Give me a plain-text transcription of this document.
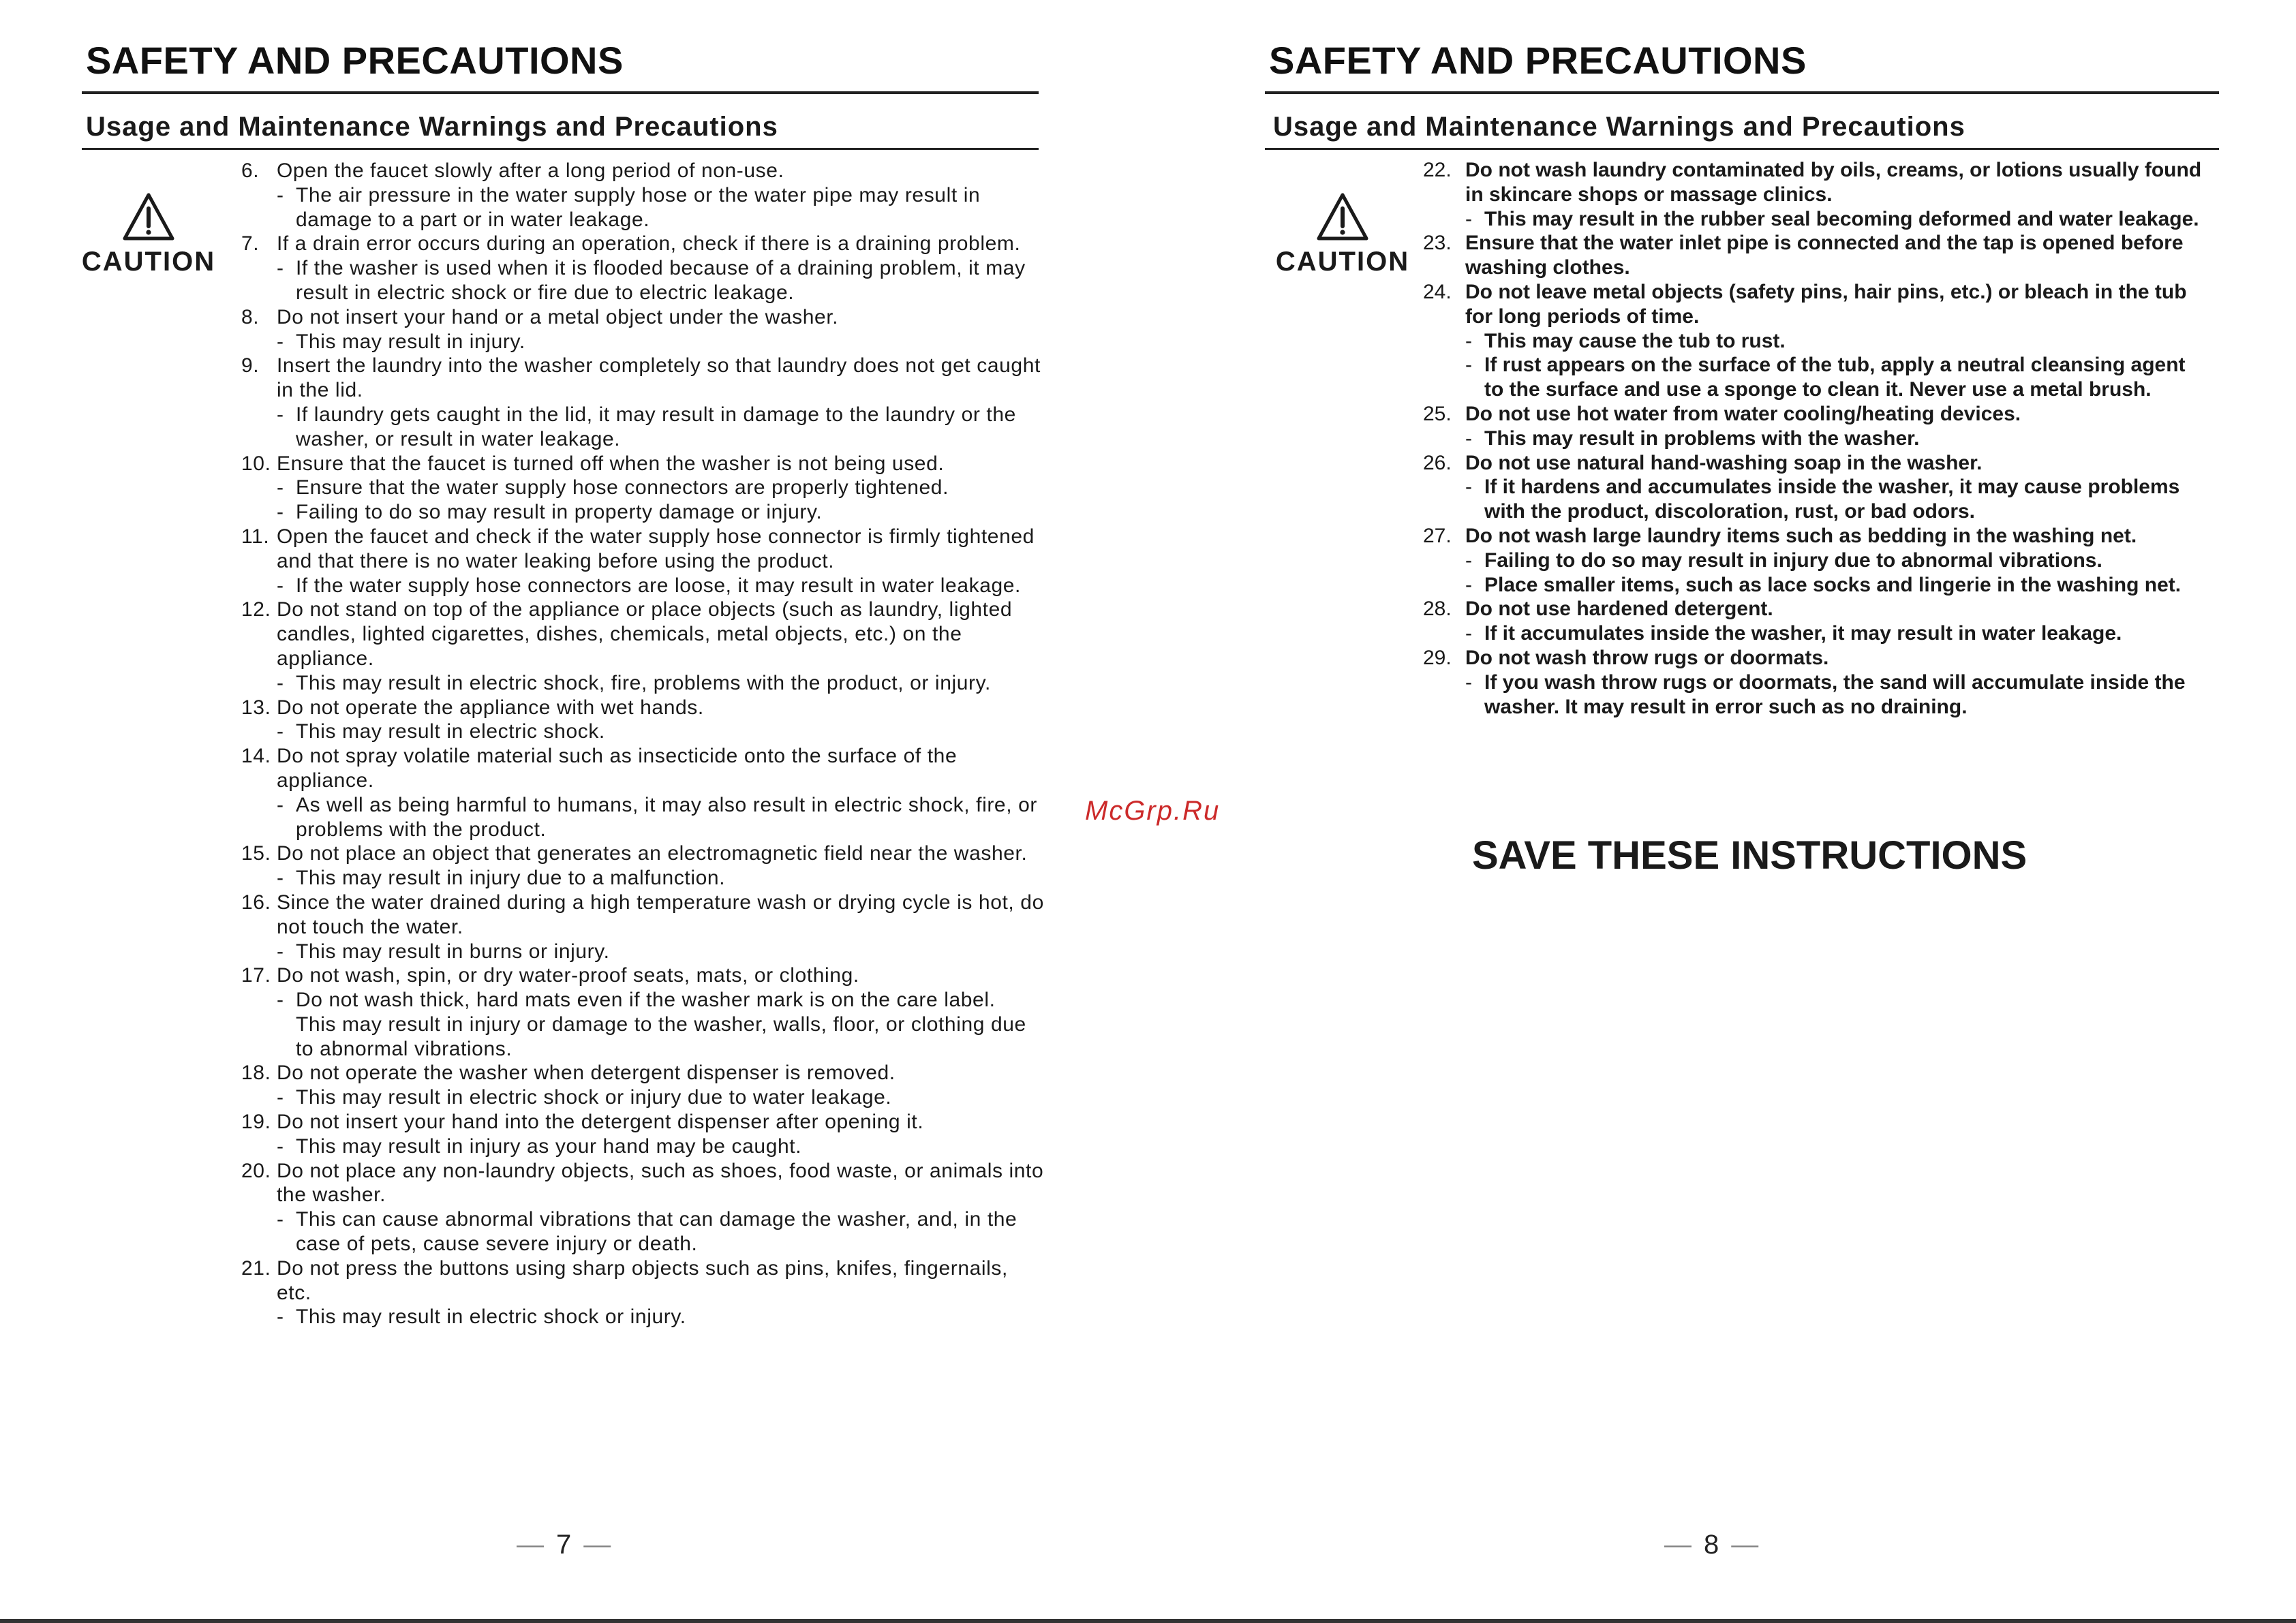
SAFETY AND PRECAUTIONS
Usage and Maintenance Warnings and Precautions
CAUTION
6. Open the faucet slowly after a long period of non-use.
- The air pressure in the water supply hose or the water pipe may result in damage to a part or in water leakage.
7. If a drain error occurs during an operation, check if there is a draining problem.
- If the washer is used when it is flooded because of a draining problem, it may result in electric shock or fire due to electric leakage.
8. Do not insert your hand or a metal object under the washer.
- This may result in injury.
9. Insert the laundry into the washer completely so that laundry does not get caught in the lid.
- If laundry gets caught in the lid, it may result in damage to the laundry or the washer, or result in water leakage.
10. Ensure that the faucet is turned off when the washer is not being used.
- Ensure that the water supply hose connectors are properly tightened.
- Failing to do so may result in property damage or injury.
11. Open the faucet and check if the water supply hose connector is firmly tightened and that there is no water leaking before using the product.
- If the water supply hose connectors are loose, it may result in water leakage.
12. Do not stand on top of the appliance or place objects (such as laundry, lighted candles, lighted cigarettes, dishes, chemicals, metal objects, etc.) on the appliance.
- This may result in electric shock, fire, problems with the product, or injury.
13. Do not operate the appliance with wet hands.
- This may result in electric shock.
14. Do not spray volatile material such as insecticide onto the surface of the appliance.
- As well as being harmful to humans, it may also result in electric shock, fire, or problems with the product.
15. Do not place an object that generates an electromagnetic field near the washer.
- This may result in injury due to a malfunction.
16. Since the water drained during a high temperature wash or drying cycle is hot, do not touch the water.
- This may result in burns or injury.
17. Do not wash, spin, or dry water-proof seats, mats, or clothing.
- Do not wash thick, hard mats even if the washer mark is on the care label.
This may result in injury or damage to the washer, walls, floor, or clothing due to abnormal vibrations.
18. Do not operate the washer when detergent dispenser is removed.
- This may result in electric shock or injury due to water leakage.
19. Do not insert your hand into the detergent dispenser after opening it.
- This may result in injury as your hand may be caught.
20. Do not place any non-laundry objects, such as shoes, food waste, or animals into the washer.
- This can cause abnormal vibrations that can damage the washer, and, in the case of pets, cause severe injury or death.
21. Do not press the buttons using sharp objects such as pins, knifes, fingernails, etc.
- This may result in electric shock or injury.
— 7 —
McGrp.Ru
SAFETY AND PRECAUTIONS
Usage and Maintenance Warnings and Precautions
CAUTION
22. Do not wash laundry contaminated by oils, creams, or lotions usually found in skincare shops or massage clinics.
- This may result in the rubber seal becoming deformed and water leakage.
23. Ensure that the water inlet pipe is connected and the tap is opened before washing clothes.
24. Do not leave metal objects (safety pins, hair pins, etc.) or bleach in the tub for long periods of time.
- This may cause the tub to rust.
- If rust appears on the surface of the tub, apply a neutral cleansing agent to the surface and use a sponge to clean it. Never use a metal brush.
25. Do not use hot water from water cooling/heating devices.
- This may result in problems with the washer.
26. Do not use natural hand-washing soap in the washer.
- If it hardens and accumulates inside the washer, it may cause problems with the product, discoloration, rust, or bad odors.
27. Do not wash large laundry items such as bedding in the washing net.
- Failing to do so may result in injury due to abnormal vibrations.
- Place smaller items, such as lace socks and lingerie in the washing net.
28. Do not use hardened detergent.
- If it accumulates inside the washer, it may result in water leakage.
29. Do not wash throw rugs or doormats.
- If you wash throw rugs or doormats, the sand will accumulate inside the washer. It may result in error such as no draining.
SAVE THESE INSTRUCTIONS
— 8 —
